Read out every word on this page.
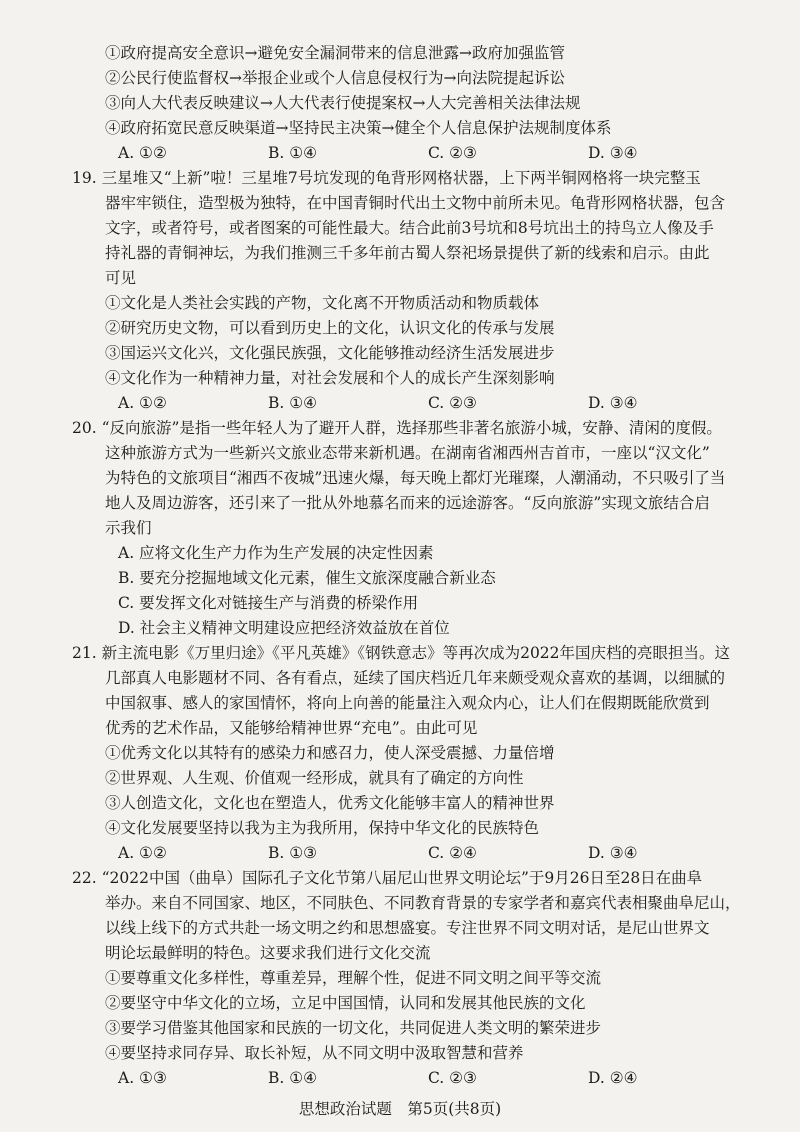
①政府提高安全意识→避免安全漏洞带来的信息泄露→政府加强监管
②公民行使监督权→举报企业或个人信息侵权行为→向法院提起诉讼
③向人大代表反映建议→人大代表行使提案权→人大完善相关法律法规
④政府拓宽民意反映渠道→坚持民主决策→健全个人信息保护法规制度体系
A. ①②	B. ①④	C. ②③	D. ③④
19. 三星堆又“上新”啦！三星堆7号坑发现的龟背形网格状器，上下两半铜网格将一块完整玉
器牢牢锁住，造型极为独特，在中国青铜时代出土文物中前所未见。龟背形网格状器，包含
文字，或者符号，或者图案的可能性最大。结合此前3号坑和8号坑出土的持鸟立人像及手
持礼器的青铜神坛，为我们推测三千多年前古蜀人祭祀场景提供了新的线索和启示。由此
可见
①文化是人类社会实践的产物，文化离不开物质活动和物质载体
②研究历史文物，可以看到历史上的文化，认识文化的传承与发展
③国运兴文化兴，文化强民族强，文化能够推动经济生活发展进步
④文化作为一种精神力量，对社会发展和个人的成长产生深刻影响
A. ①②	B. ①④	C. ②③	D. ③④
20. “反向旅游”是指一些年轻人为了避开人群，选择那些非著名旅游小城，安静、清闲的度假。
这种旅游方式为一些新兴文旅业态带来新机遇。在湖南省湘西州吉首市，一座以“汉文化”
为特色的文旅项目“湘西不夜城”迅速火爆，每天晚上都灯光璀璨，人潮涌动，不只吸引了当
地人及周边游客，还引来了一批从外地慕名而来的远途游客。“反向旅游”实现文旅结合启
示我们
A. 应将文化生产力作为生产发展的决定性因素
B. 要充分挖掘地域文化元素，催生文旅深度融合新业态
C. 要发挥文化对链接生产与消费的桥梁作用
D. 社会主义精神文明建设应把经济效益放在首位
21. 新主流电影《万里归途》《平凡英雄》《钢铁意志》等再次成为2022年国庆档的亮眼担当。这
几部真人电影题材不同、各有看点，延续了国庆档近几年来颇受观众喜欢的基调，以细腻的
中国叙事、感人的家国情怀，将向上向善的能量注入观众内心，让人们在假期既能欣赏到
优秀的艺术作品，又能够给精神世界“充电”。由此可见
①优秀文化以其特有的感染力和感召力，使人深受震撼、力量倍增
②世界观、人生观、价值观一经形成，就具有了确定的方向性
③人创造文化，文化也在塑造人，优秀文化能够丰富人的精神世界
④文化发展要坚持以我为主为我所用，保持中华文化的民族特色
A. ①②	B. ①③	C. ②④	D. ③④
22. “2022中国（曲阜）国际孔子文化节第八届尼山世界文明论坛”于9月26日至28日在曲阜
举办。来自不同国家、地区，不同肤色、不同教育背景的专家学者和嘉宾代表相聚曲阜尼山，
以线上线下的方式共赴一场文明之约和思想盛宴。专注世界不同文明对话，是尼山世界文
明论坛最鲜明的特色。这要求我们进行文化交流
①要尊重文化多样性，尊重差异，理解个性，促进不同文明之间平等交流
②要坚守中华文化的立场，立足中国国情，认同和发展其他民族的文化
③要学习借鉴其他国家和民族的一切文化，共同促进人类文明的繁荣进步
④要坚持求同存异、取长补短，从不同文明中汲取智慧和营养
A. ①③	B. ①④	C. ②③	D. ②④
思想政治试题　第5页(共8页)
